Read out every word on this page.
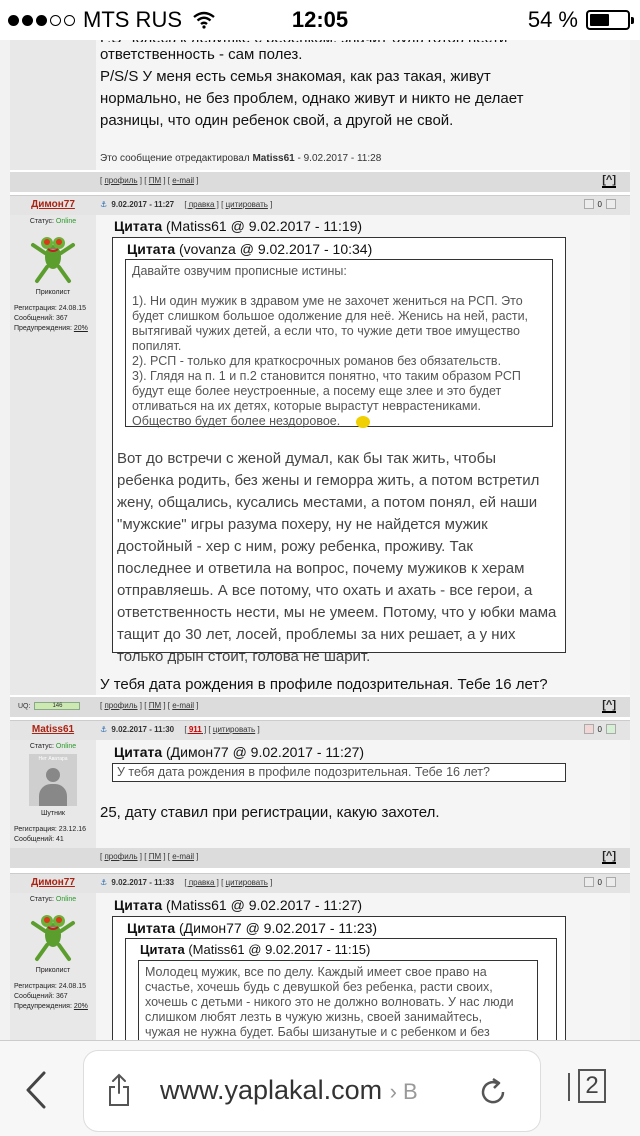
ответственность - сам полез.
P/S/S У меня есть семья знакомая, как раз такая, живут
нормально, не без проблем, однако живут и никто не делает
разницы, что один ребенок свой, а другой не свой.
Это сообщение отредактировал Matiss61 - 9.02.2017 - 11:28
[ профиль ] [ ПМ ] [ e-mail ]	[^]
Димон77	⚓ 9.02.2017 - 11:27 [ правка ] [ цитировать ]	0
Статус: Online
Приколист
Регистрация: 24.08.15
Сообщений: 367
Предупреждения: 20%
Цитата (Matiss61 @ 9.02.2017 - 11:19)
Цитата (vovanza @ 9.02.2017 - 10:34)
Давайте озвучим прописные истины:
1). Ни один мужик в здравом уме не захочет жениться на РСП. Это
будет слишком большое одолжение для неё. Женись на ней, расти,
вытягивай чужих детей, а если что, то чужие дети твое имущество
попилят.
2). РСП - только для краткосрочных романов без обязательств.
3). Глядя на п. 1 и п.2 становится понятно, что таким образом РСП
будут еще более неустроенные, а посему еще злее и это будет
отливаться на их детях, которые вырастут неврастениками.
Общество будет более нездоровое.
Вот до встречи с женой думал, как бы так жить, чтобы
ребенка родить, без жены и геморра жить, а потом встретил
жену, общались, кусались местами, а потом понял, ей наши
"мужские" игры разума похеру, ну не найдется мужик
достойный - хер с ним, рожу ребенка, проживу. Так
последнее и ответила на вопрос, почему мужиков к херам
отправляешь. А все потому, что охать и ахать - все герои, а
ответственность нести, мы не умеем. Потому, что у юбки мама
тащит до 30 лет, лосей, проблемы за них решает, а у них
только дрын стоит, голова не шарит.
У тебя дата рождения в профиле подозрительная. Тебе 16 лет?
UQ:	146	[ профиль ] [ ПМ ] [ e-mail ]	[^]
Matiss61	⚓ 9.02.2017 - 11:30 [ 911 ] [ цитировать ]	0
Статус: Online
Нет Аватара
Шутник
Регистрация: 23.12.16
Сообщений: 41
Цитата (Димон77 @ 9.02.2017 - 11:27)
У тебя дата рождения в профиле подозрительная. Тебе 16 лет?
25, дату ставил при регистрации, какую захотел.
[ профиль ] [ ПМ ] [ e-mail ]	[^]
Димон77	⚓ 9.02.2017 - 11:33 [ правка ] [ цитировать ]	0
Статус: Online
Приколист
Регистрация: 24.08.15
Сообщений: 367
Предупреждения: 20%
Цитата (Matiss61 @ 9.02.2017 - 11:27)
Цитата (Димон77 @ 9.02.2017 - 11:23)
Цитата (Matiss61 @ 9.02.2017 - 11:15)
Молодец мужик, все по делу. Каждый имеет свое право на
счастье, хочешь будь с девушкой без ребенка, расти своих,
хочешь с детьми - никого это не должно волновать. У нас люди
слишком любят лезть в чужую жизнь, своей занимайтесь,
чужая не нужна будет. Бабы шизанутые и с ребенком и без
MTS RUS	12:05	54 %
www.yaplakal.com › В	2
